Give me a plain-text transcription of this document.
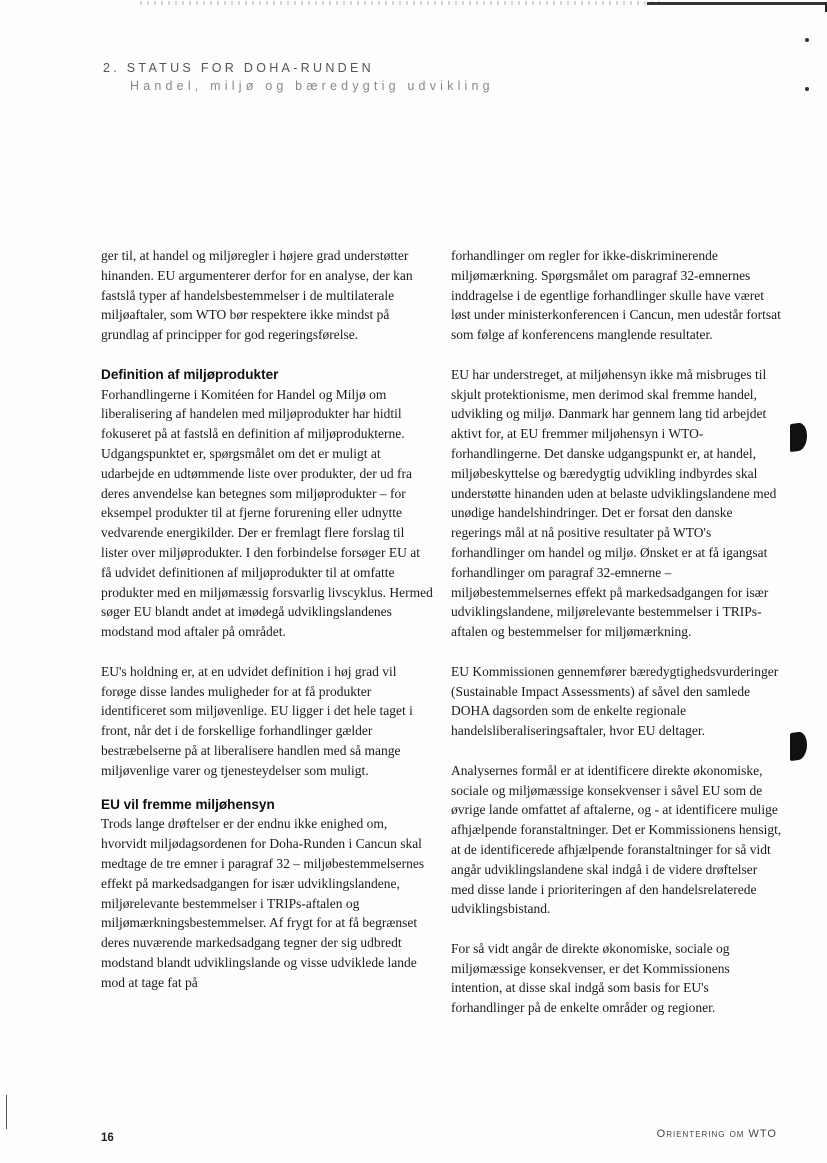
2. STATUS FOR DOHA-RUNDEN
Handel, miljø og bæredygtig udvikling

ger til, at handel og miljøregler i højere grad understøtter hinanden. EU argumenterer derfor for en analyse, der kan fastslå typer af handelsbestemmelser i de multilaterale miljøaftaler, som WTO bør respektere ikke mindst på grundlag af principper for god regeringsførelse.

Definition af miljøprodukter

Forhandlingerne i Komitéen for Handel og Miljø om liberalisering af handelen med miljøprodukter har hidtil fokuseret på at fastslå en definition af miljøprodukterne. Udgangspunktet er, spørgsmålet om det er muligt at udarbejde en udtømmende liste over produkter, der ud fra deres anvendelse kan betegnes som miljøprodukter – for eksempel produkter til at fjerne forurening eller udnytte vedvarende energikilder. Der er fremlagt flere forslag til lister over miljøprodukter. I den forbindelse forsøger EU at få udvidet definitionen af miljøprodukter til at omfatte produkter med en miljømæssig forsvarlig livscyklus. Hermed søger EU blandt andet at imødegå udviklingslandenes modstand mod aftaler på området.

EU's holdning er, at en udvidet definition i høj grad vil forøge disse landes muligheder for at få produkter identificeret som miljøvenlige. EU ligger i det hele taget i front, når det i de forskellige forhandlinger gælder bestræbelserne på at liberalisere handlen med så mange miljøvenlige varer og tjenesteydelser som muligt.

EU vil fremme miljøhensyn

Trods lange drøftelser er der endnu ikke enighed om, hvorvidt miljødagsordenen for Doha-Runden i Cancun skal medtage de tre emner i paragraf 32 – miljøbestemmelsernes effekt på markedsadgangen for især udviklingslandene, miljørelevante bestemmelser i TRIPs-aftalen og miljømærkningsbestemmelser. Af frygt for at få begrænset deres nuværende markedsadgang tegner der sig udbredt modstand blandt udviklingslande og visse udviklede lande mod at tage fat på

forhandlinger om regler for ikke-diskriminerende miljømærkning. Spørgsmålet om paragraf 32-emnernes inddragelse i de egentlige forhandlinger skulle have været løst under ministerkonferencen i Cancun, men udestår fortsat som følge af konferencens manglende resultater.

EU har understreget, at miljøhensyn ikke må misbruges til skjult protektionisme, men derimod skal fremme handel, udvikling og miljø. Danmark har gennem lang tid arbejdet aktivt for, at EU fremmer miljøhensyn i WTO-forhandlingerne. Det danske udgangspunkt er, at handel, miljøbeskyttelse og bæredygtig udvikling indbyrdes skal understøtte hinanden uden at belaste udviklingslandene med unødige handelshindringer. Det er forsat den danske regerings mål at nå positive resultater på WTO's forhandlinger om handel og miljø. Ønsket er at få igangsat forhandlinger om paragraf 32-emnerne – miljøbestemmelsernes effekt på markedsadgangen for især udviklingslandene, miljørelevante bestemmelser i TRIPs-aftalen og bestemmelser for miljømærkning.

EU Kommissionen gennemfører bæredygtighedsvurderinger (Sustainable Impact Assessments) af såvel den samlede DOHA dagsorden som de enkelte regionale handelsliberaliseringsaftaler, hvor EU deltager.

Analysernes formål er at identificere direkte økonomiske, sociale og miljømæssige konsekvenser i såvel EU som de øvrige lande omfattet af aftalerne, og - at identificere mulige afhjælpende foranstaltninger. Det er Kommissionens hensigt, at de identificerede afhjælpende foranstaltninger for så vidt angår udviklingslandene skal indgå i de videre drøftelser med disse lande i prioriteringen af den handelsrelaterede udviklingsbistand.

For så vidt angår de direkte økonomiske, sociale og miljømæssige konsekvenser, er det Kommissionens intention, at disse skal indgå som basis for EU's forhandlinger på de enkelte områder og regioner.

16	Orientering om WTO
